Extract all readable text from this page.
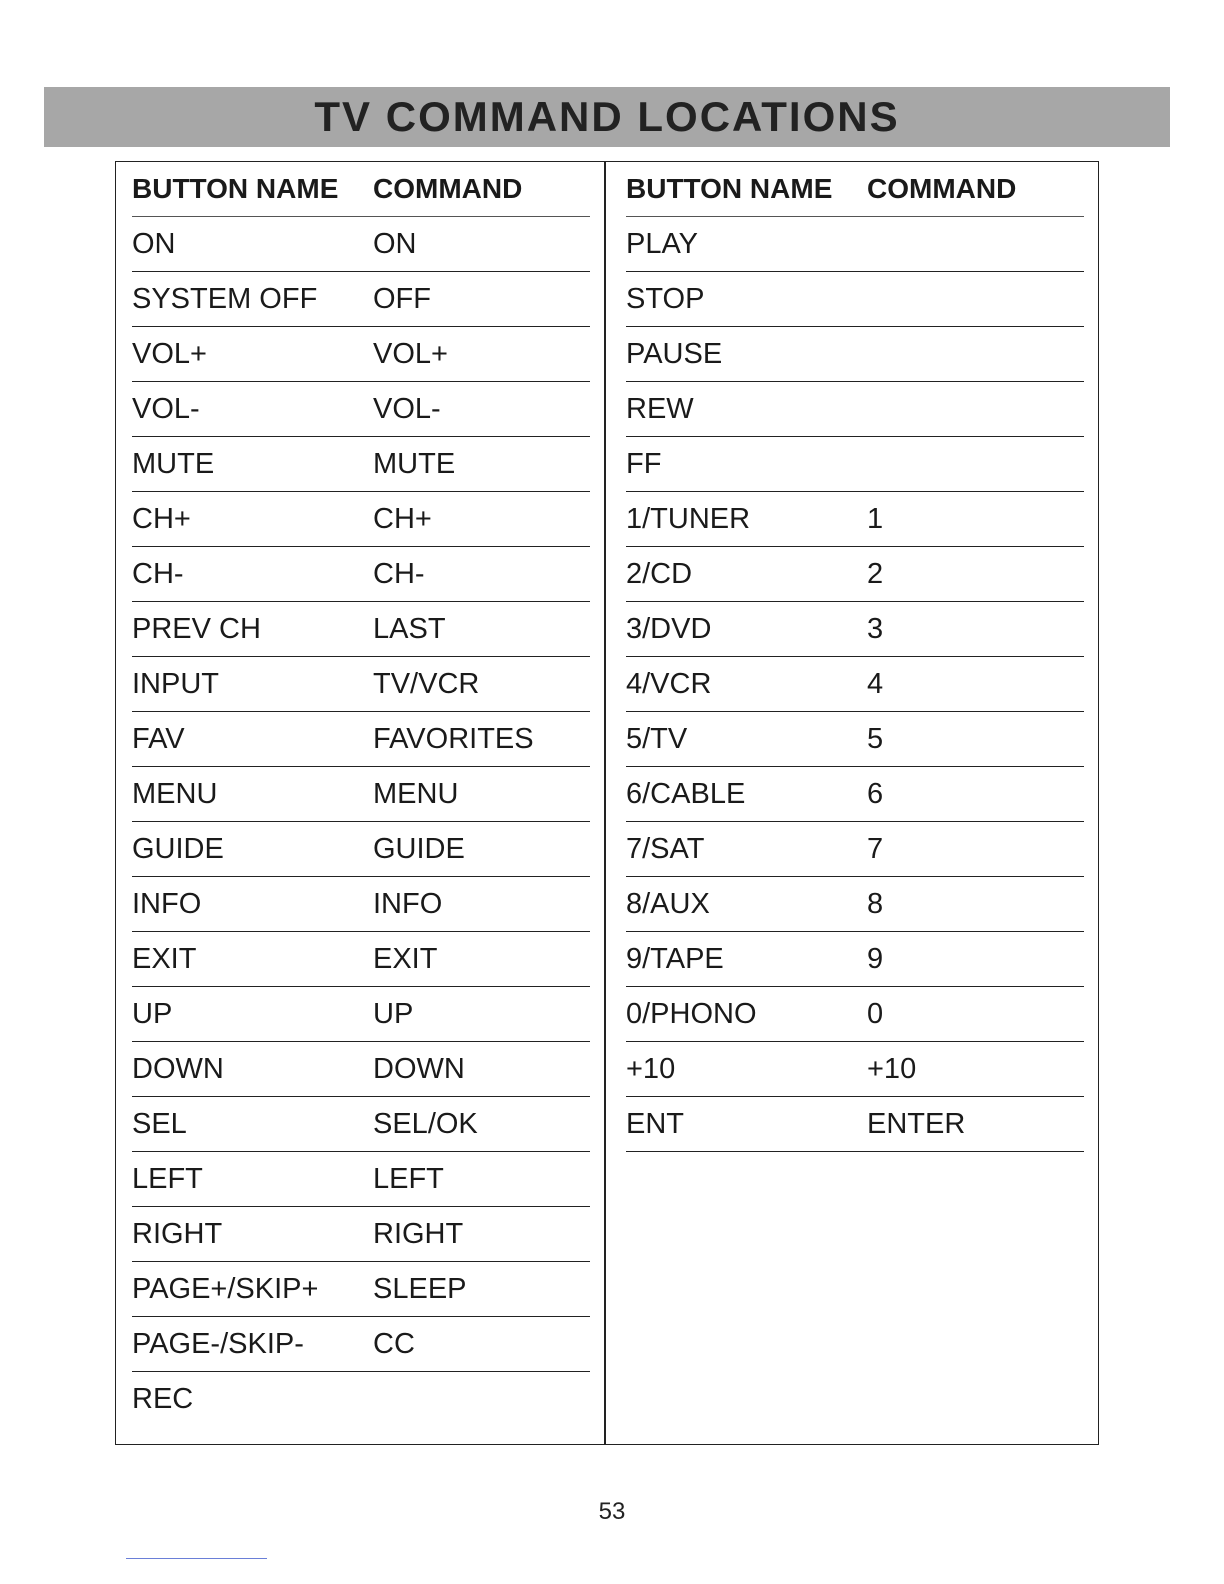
TV COMMAND LOCATIONS
BUTTON NAME	COMMAND
ON	ON
SYSTEM OFF	OFF
VOL+	VOL+
VOL-	VOL-
MUTE	MUTE
CH+	CH+
CH-	CH-
PREV CH	LAST
INPUT	TV/VCR
FAV	FAVORITES
MENU	MENU
GUIDE	GUIDE
INFO	INFO
EXIT	EXIT
UP	UP
DOWN	DOWN
SEL	SEL/OK
LEFT	LEFT
RIGHT	RIGHT
PAGE+/SKIP+	SLEEP
PAGE-/SKIP-	CC
REC
BUTTON NAME	COMMAND
PLAY
STOP
PAUSE
REW
FF
1/TUNER	1
2/CD	2
3/DVD	3
4/VCR	4
5/TV	5
6/CABLE	6
7/SAT	7
8/AUX	8
9/TAPE	9
0/PHONO	0
+10	+10
ENT	ENTER
53
